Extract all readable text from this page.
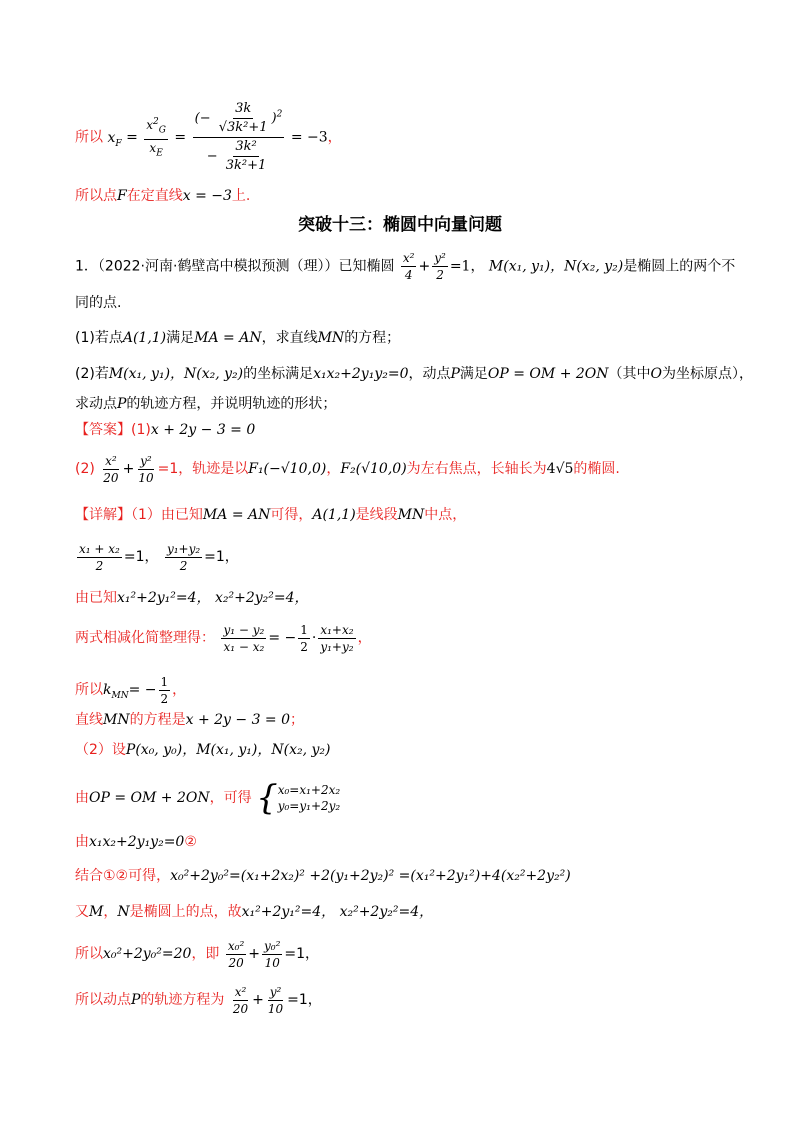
所以 $x_F = \frac{x^2_G}{x_E} = \frac{(- \frac{3k}{\text{√3k²+1}} )^2}{- \frac{\text{3k²}}{\text{3k²+1}}} = -3$，
所以点F在定直线x = −3上.
突破十三：椭圆中向量问题
1．（2022·河南·鹤壁高中模拟预测（理））已知椭圆 $\frac{\text{x²}}{4} + \frac{\text{y²}}{2} =1$， M(x₁, y₁)，N(x₂, y₂)是椭圆上的两个不
同的点.
(1)若点A(1,1)满足MA = AN，求直线MN的方程；
(2)若M(x₁, y₁)，N(x₂, y₂)的坐标满足x₁x₂+2y₁y₂=0，动点P满足OP = OM + 2ON（其中O为坐标原点），
求动点P的轨迹方程，并说明轨迹的形状；
【答案】(1)x + 2y − 3 = 0
$(2) \frac{\text{x²}}{20} + \frac{\text{y²}}{10} =1$，轨迹是以F₁(−√10,0)，F₂(√10,0)为左右焦点，长轴长为4√5的椭圆.
【详解】（1）由已知MA = AN可得，A(1,1)是线段MN中点，
$\frac{\text{x₁ + x₂}}{2} =1$， $\frac{\text{y₁+y₂}}{2} =1$，
由已知x₁²+2y₁²=4， x₂²+2y₂²=4，
两式相减化简整理得： $\frac{\text{y₁ − y₂}}{\text{x₁ − x₂}}$ = − $\frac{1}{2} \cdot \frac{\text{x₁+x₂}}{\text{y₁+y₂}}$ ，
所以$k_{MN}= - \frac{1}{2}$ ，
直线MN的方程是x + 2y − 3 = 0；
（2）设P(x₀, y₀)，M(x₁, y₁)，N(x₂, y₂)
由OP = OM + 2ON，可得 { x₀=x₁+2x₂
y₀=y₁+2y₂
由x₁x₂+2y₁y₂=0②
结合①②可得，x₀²+2y₀²=(x₁+2x₂)² +2(y₁+2y₂)² =(x₁²+2y₁²)+4(x₂²+2y₂²)
又M，N是椭圆上的点，故x₁²+2y₁²=4， x₂²+2y₂²=4，
所以x₀²+2y₀²=20，即 $\frac{\text{x₀²}}{20} + \frac{\text{y₀²}}{10} =1$，
所以动点P的轨迹方程为 $\frac{\text{x²}}{20} + \frac{\text{y²}}{10} =1$，
